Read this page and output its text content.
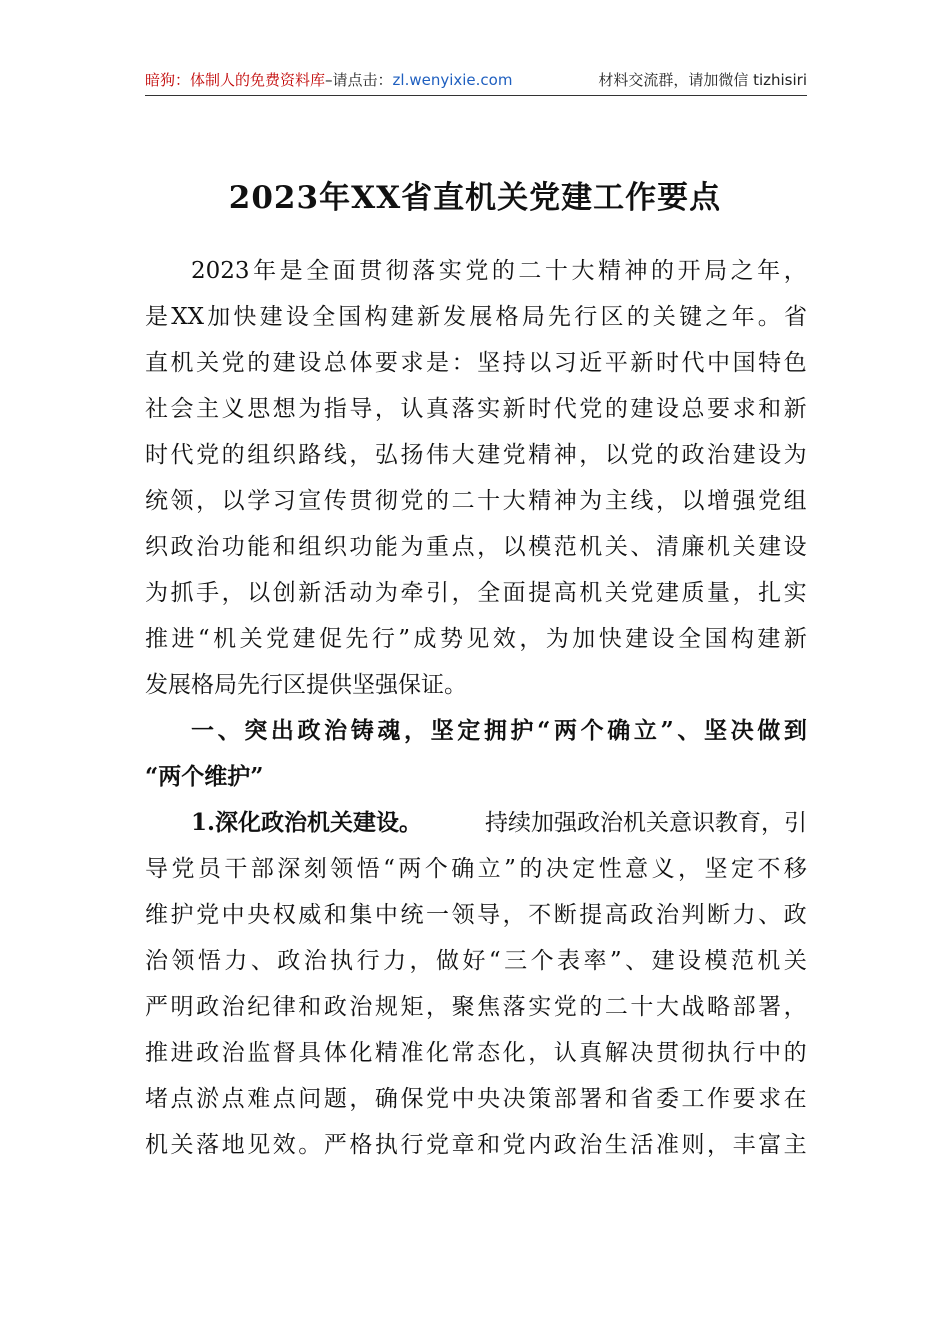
暗狗：体制人的免费资料库–请点击：zl.wenyixie.com	材料交流群，请加微信 tizhisiri
2023年XX省直机关党建工作要点
2023 年 是 全 面 贯 彻 落 实 党 的 二 十 大 精 神 的 开 局 之 年 ，
是 XX 加 快 建 设 全 国 构 建 新 发 展 格 局 先 行 区 的 关 键 之 年 。 省
直 机 关 党 的 建 设 总 体 要 求 是 ： 坚 持 以 习 近 平 新 时 代 中 国 特 色
社 会 主 义 思 想 为 指 导 ， 认 真 落 实 新 时 代 党 的 建 设 总 要 求 和 新
时 代 党 的 组 织 路 线 ， 弘 扬 伟 大 建 党 精 神 ， 以 党 的 政 治 建 设 为
统 领 ， 以 学 习 宣 传 贯 彻 党 的 二 十 大 精 神 为 主 线 ， 以 增 强 党 组
织 政 治 功 能 和 组 织 功 能 为 重 点 ， 以 模 范 机 关 、 清 廉 机 关 建 设
为 抓 手 ， 以 创 新 活 动 为 牵 引 ， 全 面 提 高 机 关 党 建 质 量 ， 扎 实
推 进 “ 机 关 党 建 促 先 行 ” 成 势 见 效 ， 为 加 快 建 设 全 国 构 建 新
发展格局先行区提供坚强保证。
一 、 突 出 政 治 铸 魂 ， 坚 定 拥 护 “ 两 个 确 立 ” 、 坚 决 做 到
“两个维护”
1.深化政治机关建设。	持续加强政治机关意识教育，引
导 党 员 干 部 深 刻 领 悟 “ 两 个 确 立 ” 的 决 定 性 意 义 ， 坚 定 不 移
维 护 党 中 央 权 威 和 集 中 统 一 领 导 ， 不 断 提 高 政 治 判 断 力 、 政
治 领 悟 力 、 政 治 执 行 力 ， 做 好 “ 三 个 表 率 ” 、 建 设 模 范 机 关
严 明 政 治 纪 律 和 政 治 规 矩 ， 聚 焦 落 实 党 的 二 十 大 战 略 部 署 ，
推 进 政 治 监 督 具 体 化 精 准 化 常 态 化 ， 认 真 解 决 贯 彻 执 行 中 的
堵 点 淤 点 难 点 问 题 ， 确 保 党 中 央 决 策 部 署 和 省 委 工 作 要 求 在
机 关 落 地 见 效 。 严 格 执 行 党 章 和 党 内 政 治 生 活 准 则 ， 丰 富 主
